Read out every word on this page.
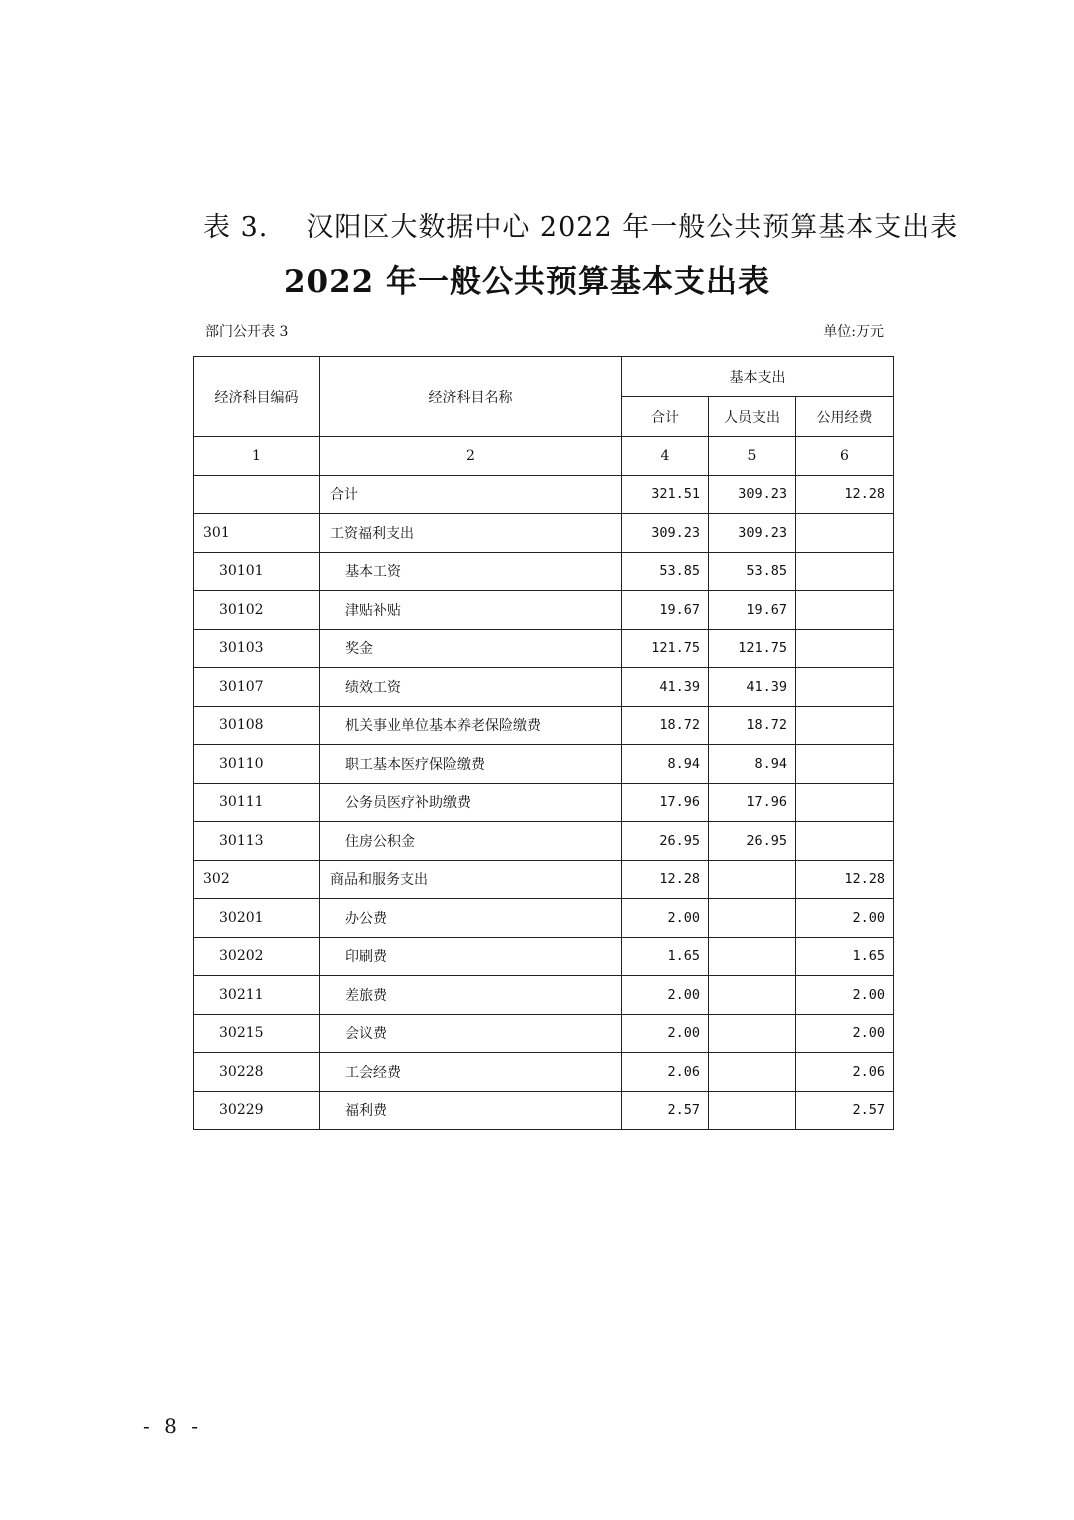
表 3. 汉阳区大数据中心 2022 年一般公共预算基本支出表
2022 年一般公共预算基本支出表
部门公开表 3	单位:万元
经济科目编码	经济科目名称	基本支出		
		合计	人员支出	公用经费
1	2	4	5	6
	合计	321.51	309.23	12.28
301	工资福利支出	309.23	309.23	
30101	基本工资	53.85	53.85	
30102	津贴补贴	19.67	19.67	
30103	奖金	121.75	121.75	
30107	绩效工资	41.39	41.39	
30108	机关事业单位基本养老保险缴费	18.72	18.72	
30110	职工基本医疗保险缴费	8.94	8.94	
30111	公务员医疗补助缴费	17.96	17.96	
30113	住房公积金	26.95	26.95	
302	商品和服务支出	12.28		12.28
30201	办公费	2.00		2.00
30202	印刷费	1.65		1.65
30211	差旅费	2.00		2.00
30215	会议费	2.00		2.00
30228	工会经费	2.06		2.06
30229	福利费	2.57		2.57
- 8 -
